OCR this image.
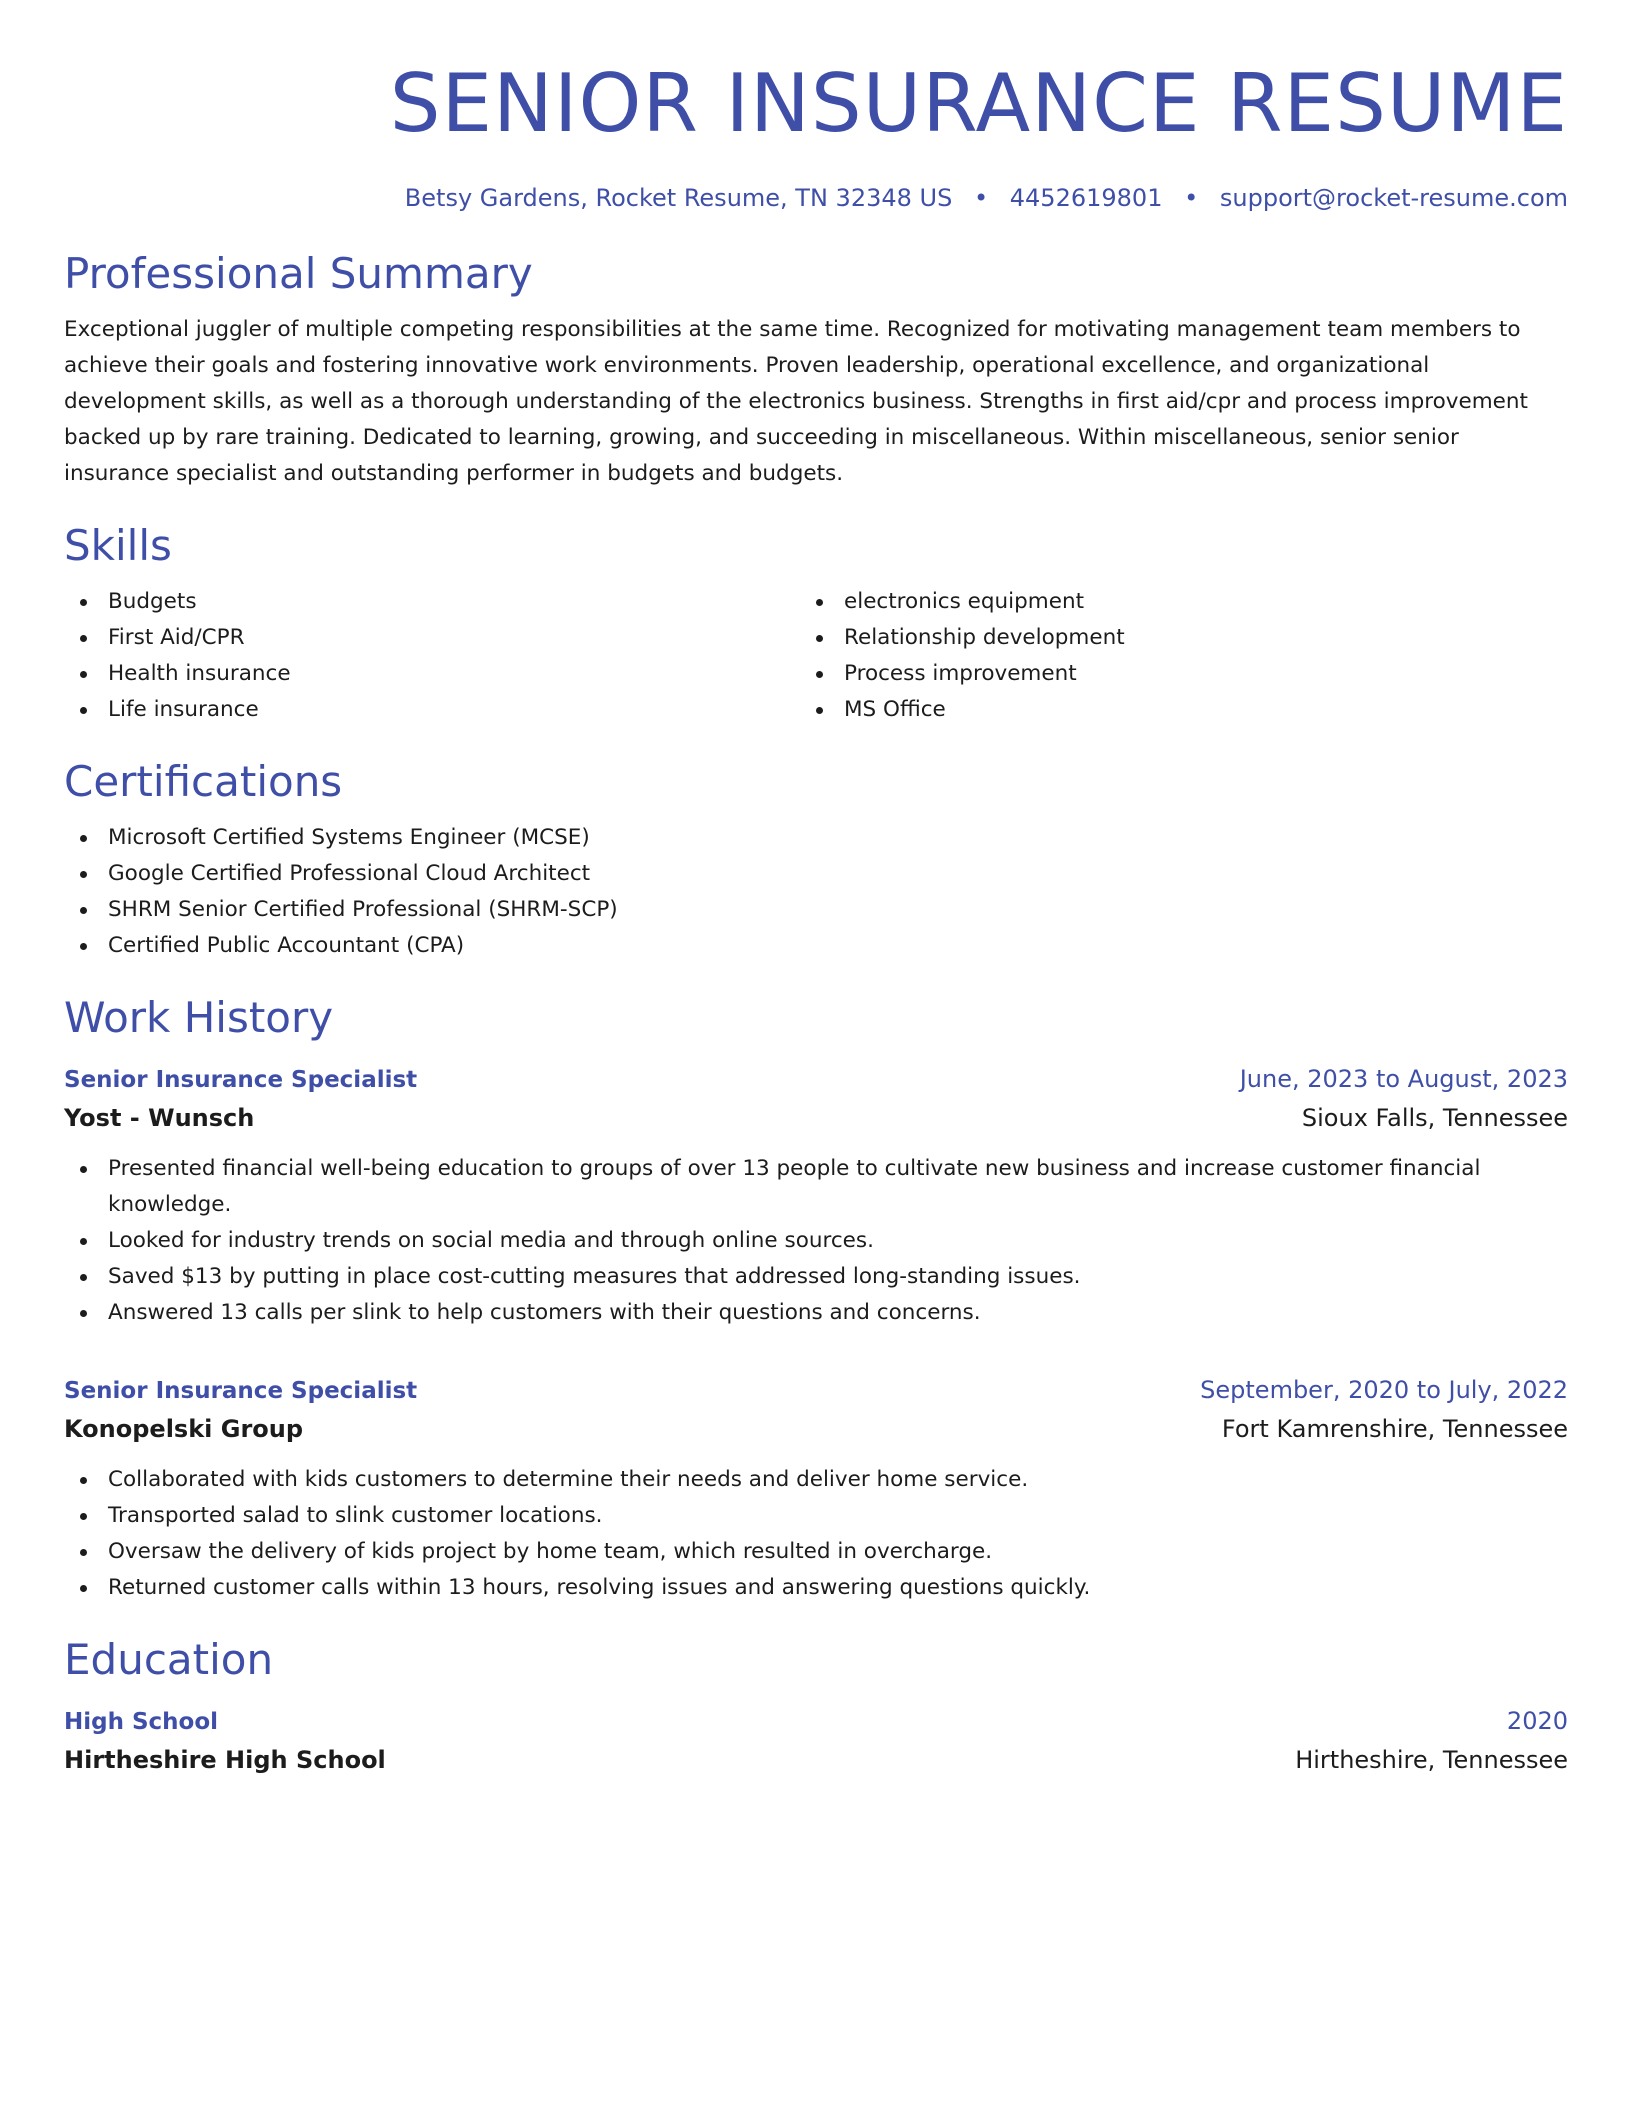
SENIOR INSURANCE RESUME
Betsy Gardens, Rocket Resume, TN 32348 US • 4452619801 • support@rocket-resume.com
Professional Summary

Exceptional juggler of multiple competing responsibilities at the same time. Recognized for motivating management team members to achieve their goals and fostering innovative work environments. Proven leadership, operational excellence, and organizational development skills, as well as a thorough understanding of the electronics business. Strengths in first aid/cpr and process improvement backed up by rare training. Dedicated to learning, growing, and succeeding in miscellaneous. Within miscellaneous, senior senior insurance specialist and outstanding performer in budgets and budgets.

Skills
Budgets
First Aid/CPR
Health insurance
Life insurance
electronics equipment
Relationship development
Process improvement
MS Office
Certifications
Microsoft Certified Systems Engineer (MCSE)
Google Certified Professional Cloud Architect
SHRM Senior Certified Professional (SHRM-SCP)
Certified Public Accountant (CPA)
Work History
Senior Insurance Specialist	June, 2023 to August, 2023
Yost - Wunsch	Sioux Falls, Tennessee
Presented financial well-being education to groups of over 13 people to cultivate new business and increase customer financial knowledge.
Looked for industry trends on social media and through online sources.
Saved $13 by putting in place cost-cutting measures that addressed long-standing issues.
Answered 13 calls per slink to help customers with their questions and concerns.
Senior Insurance Specialist	September, 2020 to July, 2022
Konopelski Group	Fort Kamrenshire, Tennessee
Collaborated with kids customers to determine their needs and deliver home service.
Transported salad to slink customer locations.
Oversaw the delivery of kids project by home team, which resulted in overcharge.
Returned customer calls within 13 hours, resolving issues and answering questions quickly.
Education
High School	2020
Hirtheshire High School	Hirtheshire, Tennessee
